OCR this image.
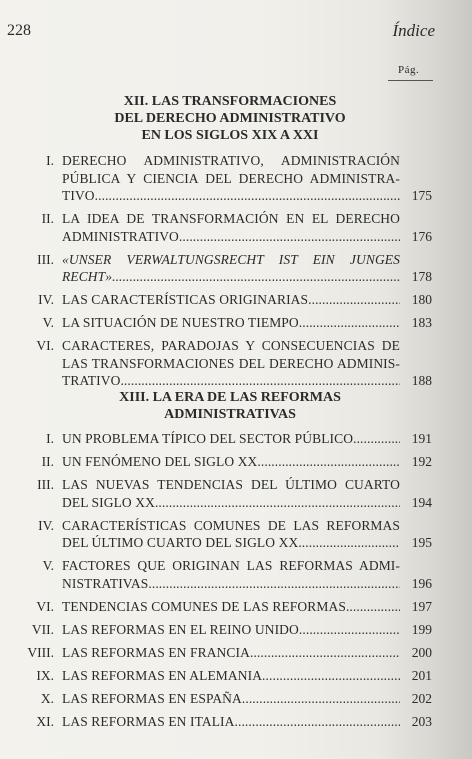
228	Índice
Pág.
XII. LAS TRANSFORMACIONES
DEL DERECHO ADMINISTRATIVO
EN LOS SIGLOS XIX A XXI
I. DERECHO ADMINISTRATIVO, ADMINISTRACIÓN
PÚBLICA Y CIENCIA DEL DERECHO ADMINISTRA-
TIVO .....	175
II. LA IDEA DE TRANSFORMACIÓN EN EL DERECHO
ADMINISTRATIVO .....	176
III. «UNSER VERWALTUNGSRECHT IST EIN JUNGES
RECHT» .....	178
IV. LAS CARACTERÍSTICAS ORIGINARIAS .....	180
V. LA SITUACIÓN DE NUESTRO TIEMPO .....	183
VI. CARACTERES, PARADOJAS Y CONSECUENCIAS DE
LAS TRANSFORMACIONES DEL DERECHO ADMINIS-
TRATIVO .....	188
XIII. LA ERA DE LAS REFORMAS
ADMINISTRATIVAS
I. UN PROBLEMA TÍPICO DEL SECTOR PÚBLICO .....	191
II. UN FENÓMENO DEL SIGLO XX .....	192
III. LAS NUEVAS TENDENCIAS DEL ÚLTIMO CUARTO
DEL SIGLO XX .....	194
IV. CARACTERÍSTICAS COMUNES DE LAS REFORMAS
DEL ÚLTIMO CUARTO DEL SIGLO XX .....	195
V. FACTORES QUE ORIGINAN LAS REFORMAS ADMI-
NISTRATIVAS .....	196
VI. TENDENCIAS COMUNES DE LAS REFORMAS .....	197
VII. LAS REFORMAS EN EL REINO UNIDO .....	199
VIII. LAS REFORMAS EN FRANCIA .....	200
IX. LAS REFORMAS EN ALEMANIA .....	201
X. LAS REFORMAS EN ESPAÑA .....	202
XI. LAS REFORMAS EN ITALIA .....	203
